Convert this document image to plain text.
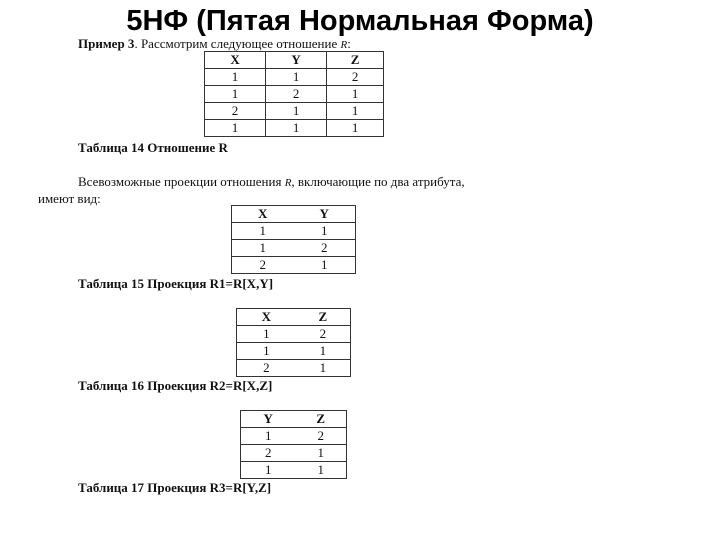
5НФ (Пятая Нормальная Форма)
Пример 3. Рассмотрим следующее отношение R:
X	Y	Z
1	1	2
1	2	1
2	1	1
1	1	1
Таблица 14 Отношение R
Всевозможные проекции отношения R, включающие по два атрибута,
имеют вид:
X	Y
1	1
1	2
2	1
Таблица 15 Проекция R1=R[X,Y]
X	Z
1	2
1	1
2	1
Таблица 16 Проекция R2=R[X,Z]
Y	Z
1	2
2	1
1	1
Таблица 17 Проекция R3=R[Y,Z]
